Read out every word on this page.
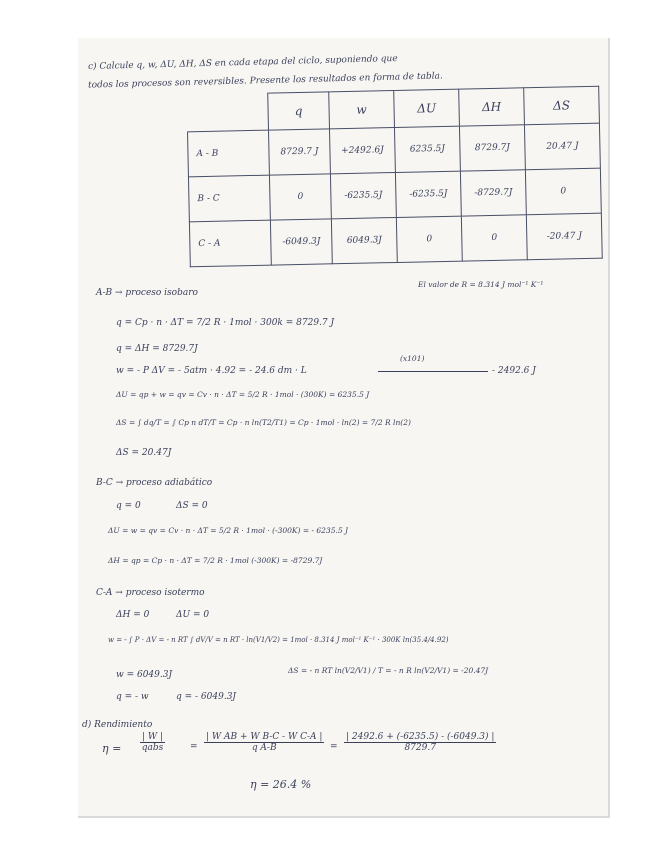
c) Calcule q, w, ΔU, ΔH, ΔS en cada etapa del ciclo, suponiendo que
todos los procesos son reversibles. Presente los resultados en forma de tabla.
	q	w	ΔU	ΔH	ΔS
A - B	8729.7 J	+2492.6J	6235.5J	8729.7J	20.47 J
B - C	0	-6235.5J	-6235.5J	-8729.7J	0
C - A	-6049.3J	6049.3J	0	0	-20.47 J
A-B → proceso isobaro
El valor de R = 8.314 J mol⁻¹ K⁻¹
q = Cp · n · ΔT = 7/2 R · 1mol · 300k = 8729.7 J
q = ΔH = 8729.7J
w = - P ΔV = - 5atm · 4.92 = - 24.6 dm · L
(x101)
- 2492.6 J
ΔU = qp + w = qv = Cv · n · ΔT = 5/2 R · 1mol · (300K) = 6235.5 J
ΔS = ∫ dq/T = ∫ Cp n dT/T = Cp · n ln(T2/T1) = Cp · 1mol · ln(2) = 7/2 R ln(2)
ΔS = 20.47J
B-C → proceso adiabático
q = 0	ΔS = 0
ΔU = w = qv = Cv · n · ΔT = 5/2 R · 1mol · (-300K) = - 6235.5 J
ΔH = qp = Cp · n · ΔT = 7/2 R · 1mol (-300K) = -8729.7J
C-A → proceso isotermo
ΔH = 0	ΔU = 0
w = - ∫ P · ΔV = - n RT ∫ dV/V = n RT · ln(V1/V2) = 1mol · 8.314 J mol⁻¹ K⁻¹ · 300K ln(35.4/4.92)
w = 6049.3J	ΔS = - n RT ln(V2/V1) / T = - n R ln(V2/V1) = -20.47J
q = - w	q = - 6049.3J
d) Rendimiento
η =
| W |
qabs	= $\frac{\text{| W AB + W B-C - W C-A |}}{\text{q A-B}} = \frac{| 2492.6 + (-6235.5) - (-6049.3) |}{8729.7}$
η = 26.4 %
